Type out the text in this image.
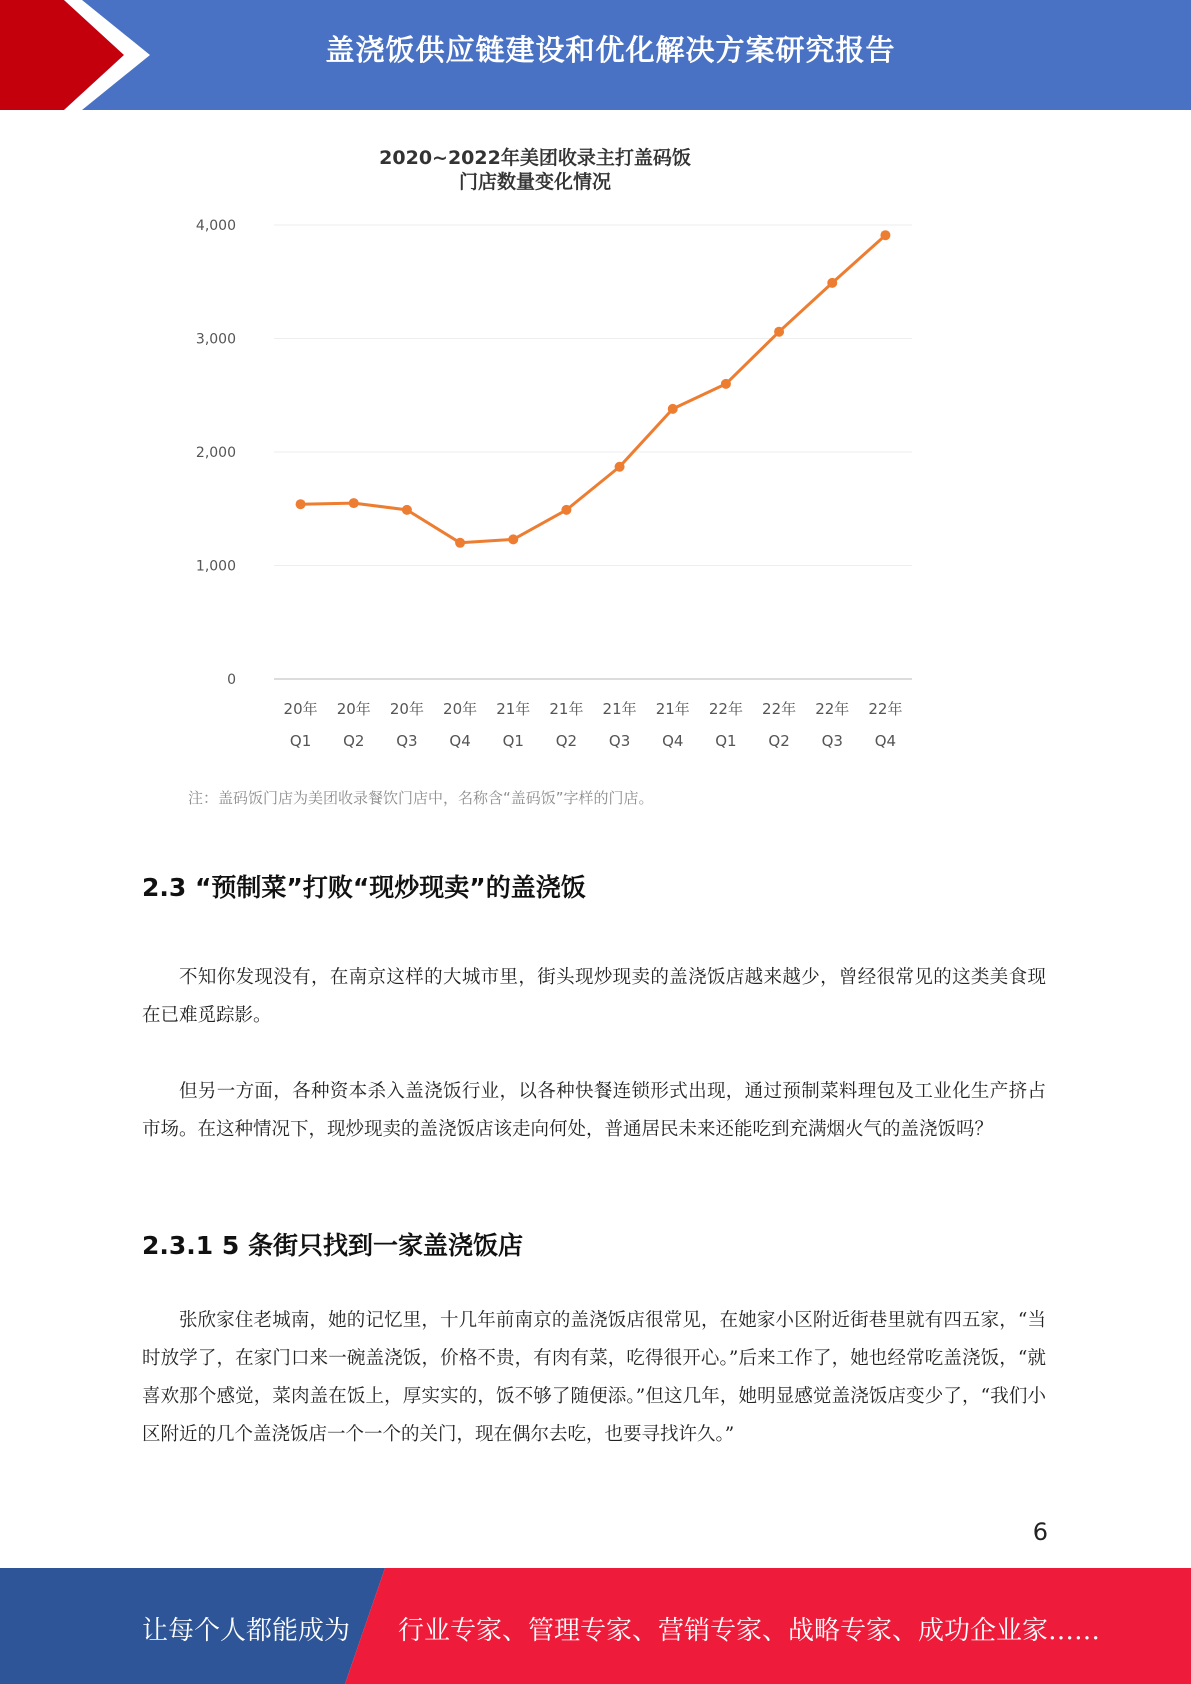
盖浇饭供应链建设和优化解决方案研究报告
0
1,000
2,000
3,000
4,000
20年
Q1
20年
Q2
20年
Q3
20年
Q4
21年
Q1
21年
Q2
21年
Q3
21年
Q4
22年
Q1
22年
Q2
22年
Q3
22年
Q4
2020~2022年美团收录主打盖码饭
门店数量变化情况
注：盖码饭门店为美团收录餐饮门店中，名称含“盖码饭”字样的门店。
2.3 “预制菜”打败“现炒现卖”的盖浇饭
不知你发现没有，在南京这样的大城市里，街头现炒现卖的盖浇饭店越来越少，曾经很常见的这类美食现在已难觅踪影。
但另一方面，各种资本杀入盖浇饭行业，以各种快餐连锁形式出现，通过预制菜料理包及工业化生产挤占市场。在这种情况下，现炒现卖的盖浇饭店该走向何处，普通居民未来还能吃到充满烟火气的盖浇饭吗？
2.3.1 5 条街只找到一家盖浇饭店
张欣家住老城南，她的记忆里，十几年前南京的盖浇饭店很常见，在她家小区附近街巷里就有四五家，“当时放学了，在家门口来一碗盖浇饭，价格不贵，有肉有菜，吃得很开心。”后来工作了，她也经常吃盖浇饭，“就喜欢那个感觉，菜肉盖在饭上，厚实实的，饭不够了随便添。”但这几年，她明显感觉盖浇饭店变少了，“我们小区附近的几个盖浇饭店一个一个的关门，现在偶尔去吃，也要寻找许久。”
6
让每个人都能成为 行业专家、管理专家、营销专家、战略专家、成功企业家……
